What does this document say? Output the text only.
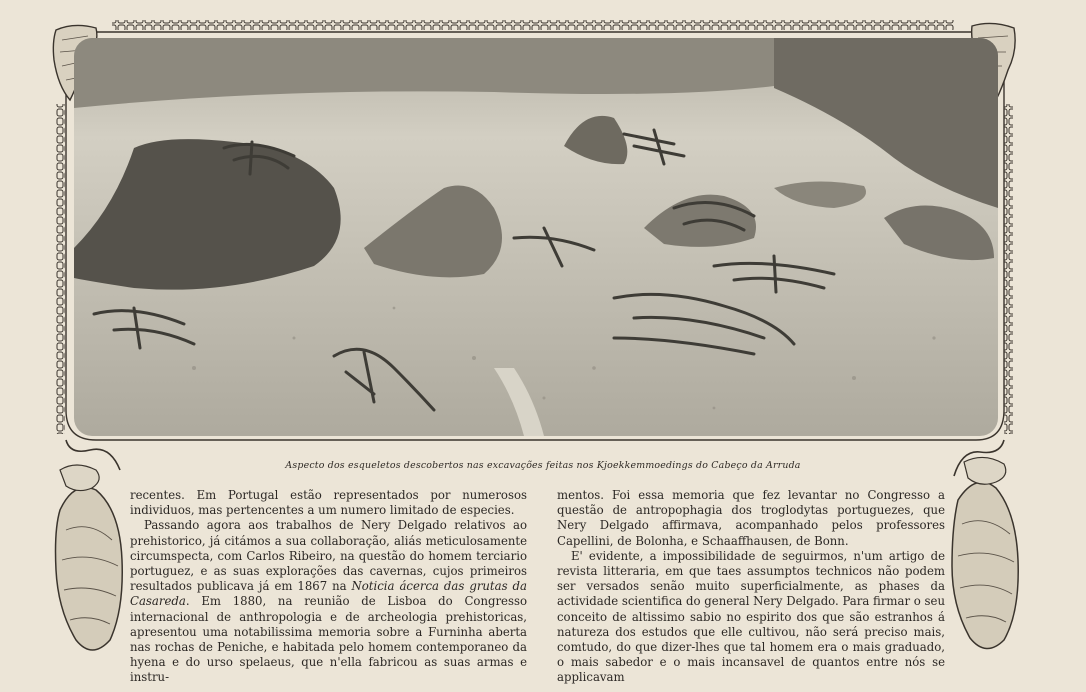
Aspecto dos esqueletos descobertos nas excavações feitas nos Kjoekkemmoedings do Cabeço da Arruda

recentes. Em Portugal estão representados por numerosos individuos, mas pertencentes a um numero limitado de especies.

Passando agora aos trabalhos de Nery Delgado relativos ao prehistorico, já citámos a sua collaboração, aliás meticulosamente circumspecta, com Carlos Ribeiro, na questão do homem terciario portuguez, e as suas explorações das cavernas, cujos primeiros resultados publicava já em 1867 na Noticia ácerca das grutas da Casareda. Em 1880, na reunião de Lisboa do Congresso internacional de anthropologia e de archeologia prehistoricas, apresentou uma notabilissima memoria sobre a Furninha aberta nas rochas de Peniche, e habitada pelo homem contemporaneo da hyena e do urso spelaeus, que n'ella fabricou as suas armas e instru-

mentos. Foi essa memoria que fez levantar no Congresso a questão de antropophagia dos troglodytas portuguezes, que Nery Delgado affirmava, acompanhado pelos professores Capellini, de Bolonha, e Schaaffhausen, de Bonn.

E' evidente, a impossibilidade de seguirmos, n'um artigo de revista litteraria, em que taes assumptos technicos não podem ser versados senão muito superficialmente, as phases da actividade scientifica do general Nery Delgado. Para firmar o seu conceito de altissimo sabio no espirito dos que são estranhos á natureza dos estudos que elle cultivou, não será preciso mais, comtudo, do que dizer-lhes que tal homem era o mais graduado, o mais sabedor e o mais incansavel de quantos entre nós se applicavam
